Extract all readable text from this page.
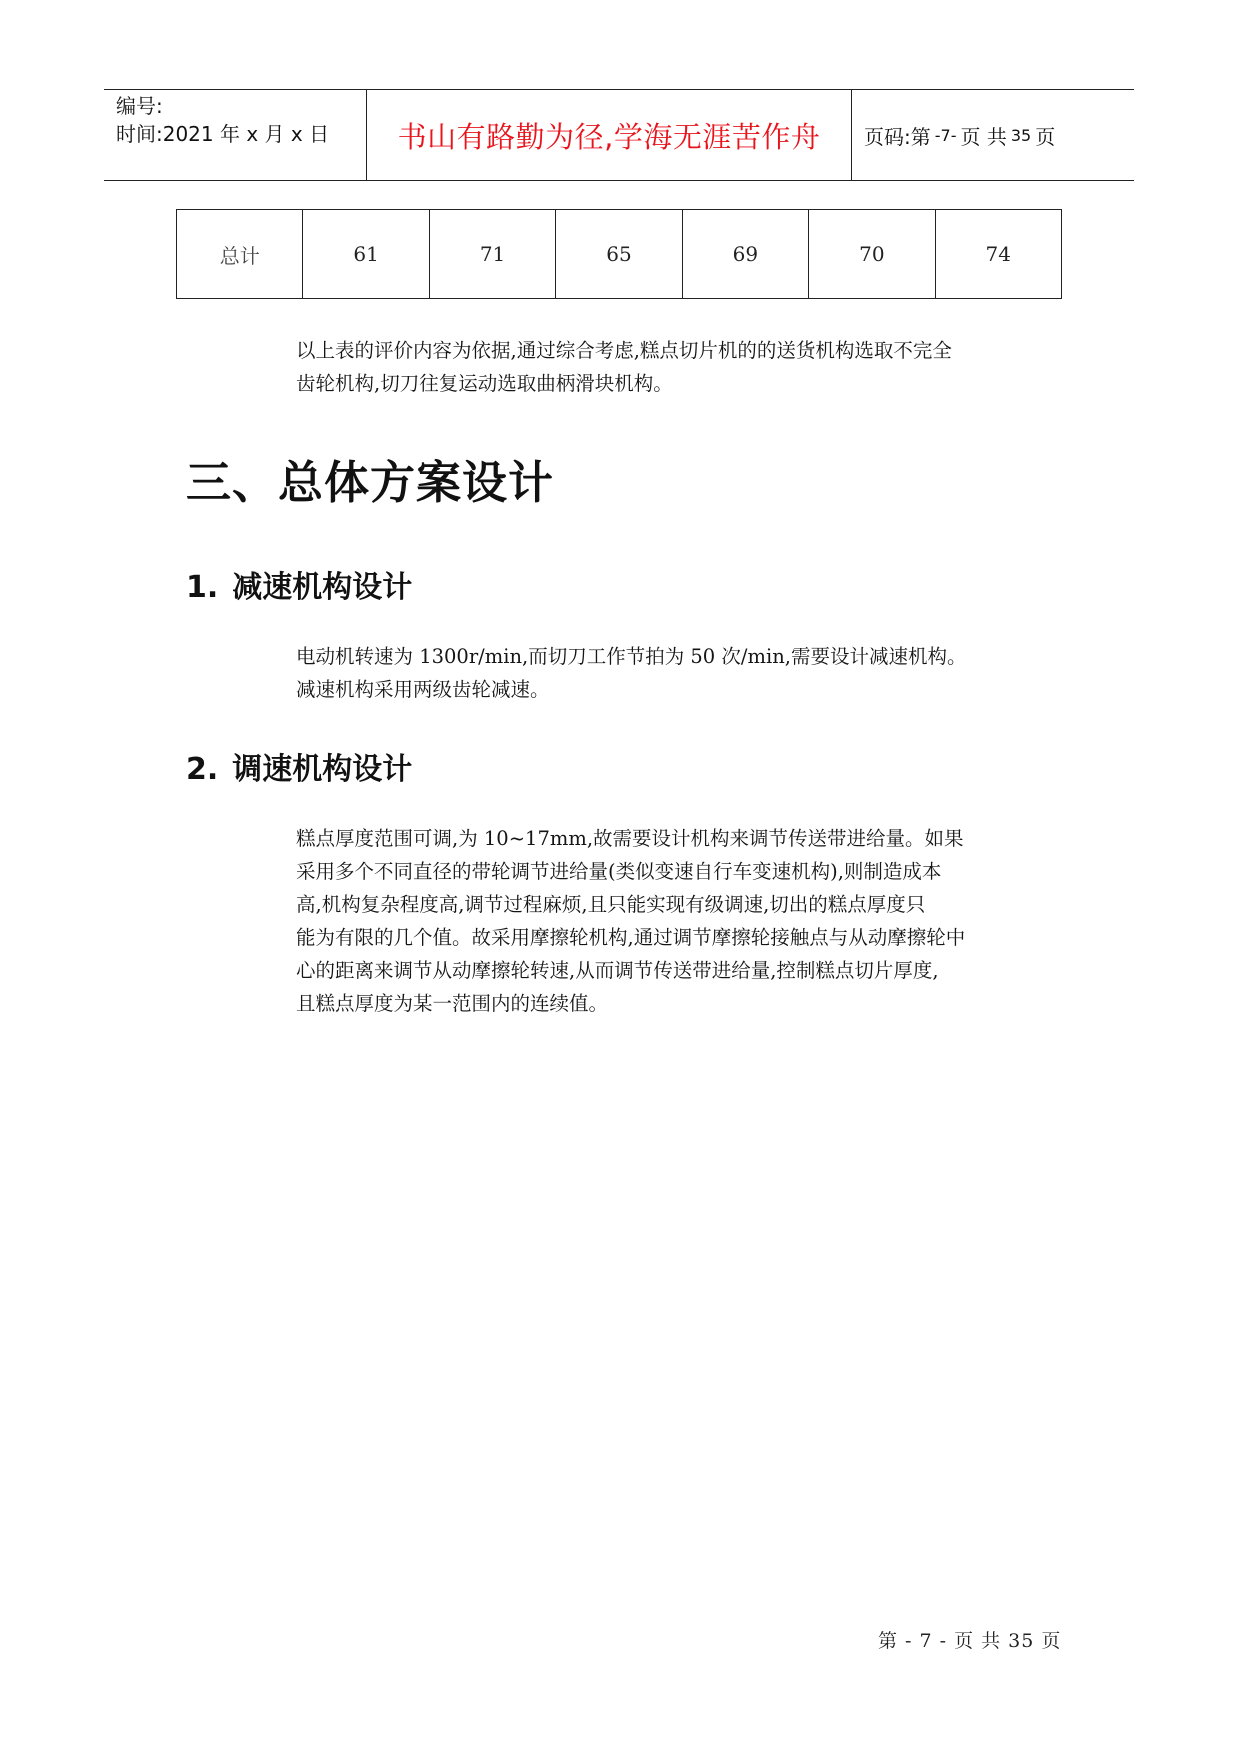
编号:
时间:2021 年 x 月 x 日	书山有路勤为径,学海无涯苦作舟	页码:第 -7- 页 共 35 页
总计	61	71	65	69	70	74
以上表的评价内容为依据,通过综合考虑,糕点切片机的的送货机构选取不完全
齿轮机构,切刀往复运动选取曲柄滑块机构。
三、总体方案设计
1. 减速机构设计
电动机转速为 1300r/min,而切刀工作节拍为 50 次/min,需要设计减速机构。
减速机构采用两级齿轮减速。
2. 调速机构设计
糕点厚度范围可调,为 10~17mm,故需要设计机构来调节传送带进给量。如果
采用多个不同直径的带轮调节进给量(类似变速自行车变速机构),则制造成本
高,机构复杂程度高,调节过程麻烦,且只能实现有级调速,切出的糕点厚度只
能为有限的几个值。故采用摩擦轮机构,通过调节摩擦轮接触点与从动摩擦轮中
心的距离来调节从动摩擦轮转速,从而调节传送带进给量,控制糕点切片厚度,
且糕点厚度为某一范围内的连续值。
第 - 7 - 页 共 35 页
